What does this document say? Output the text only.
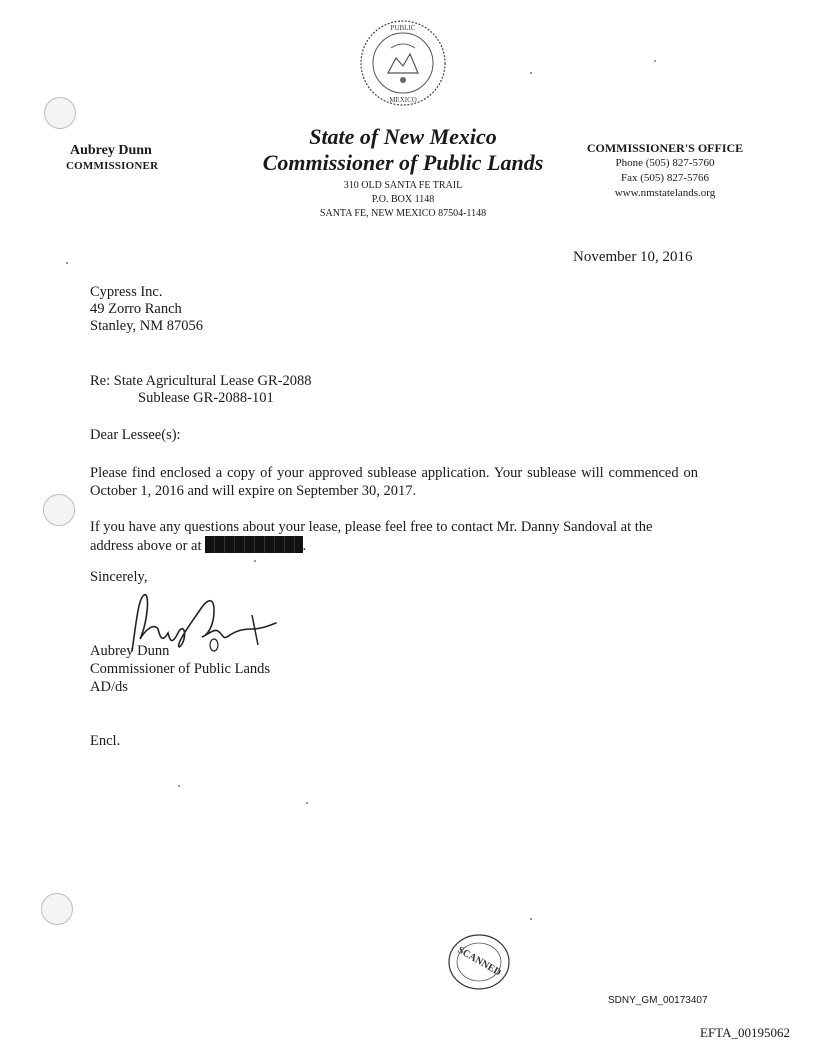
PUBLIC
MEXICO
Aubrey Dunn
COMMISSIONER
State of New Mexico
Commissioner of Public Lands
310 OLD SANTA FE TRAIL
P.O. BOX 1148
SANTA FE, NEW MEXICO 87504-1148
COMMISSIONER'S OFFICE
Phone (505) 827-5760
Fax (505) 827-5766
www.nmstatelands.org
November 10, 2016
Cypress Inc.
49 Zorro Ranch
Stanley, NM 87056
Re: State Agricultural Lease GR-2088
Sublease GR-2088-101
Dear Lessee(s):
Please find enclosed a copy of your approved sublease application. Your sublease will commenced on October 1, 2016 and will expire on September 30, 2017.
If you have any questions about your lease, please feel free to contact Mr. Danny Sandoval at the address above or at	.
Sincerely,
Aubrey Dunn
Commissioner of Public Lands
AD/ds
Encl.
SCANNED
SDNY_GM_00173407
EFTA_00195062
